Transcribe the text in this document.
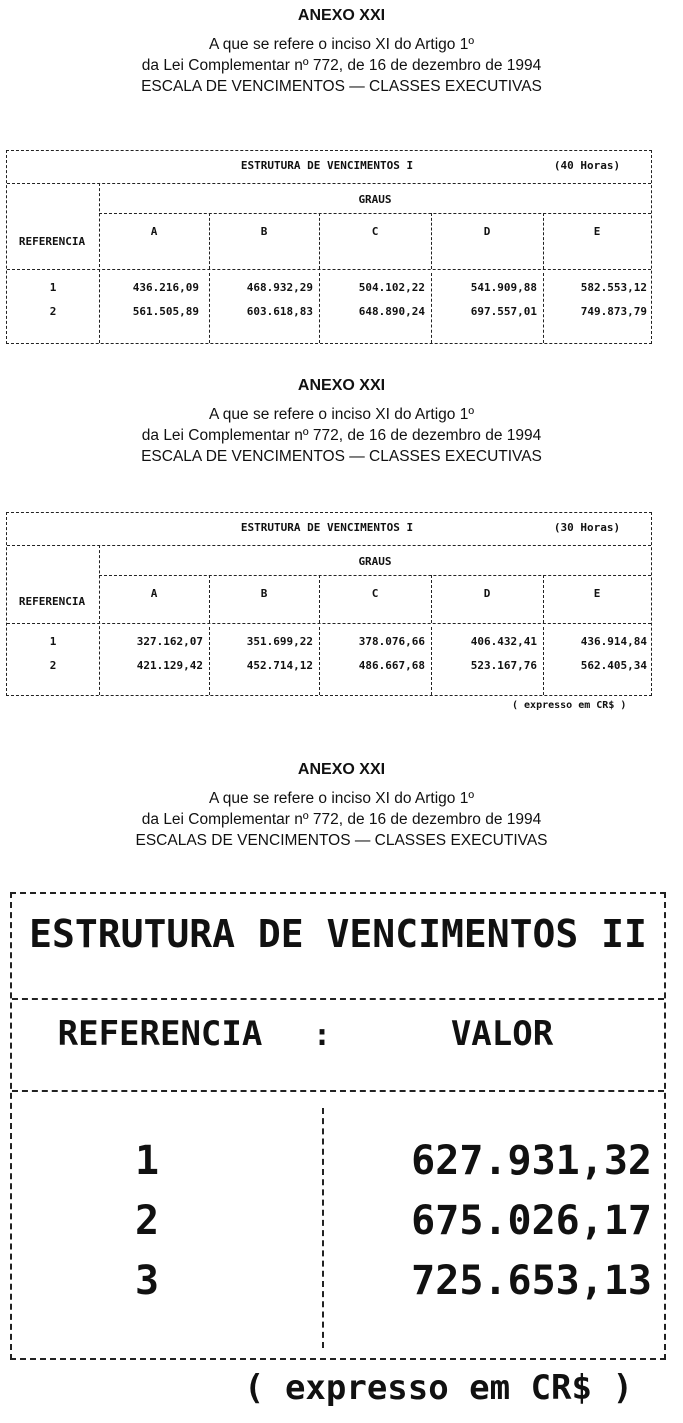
ANEXO XXI
A que se refere o inciso XI do Artigo 1º
da Lei Complementar nº 772, de 16 de dezembro de 1994
ESCALA DE VENCIMENTOS — CLASSES EXECUTIVAS
ESTRUTURA DE VENCIMENTOS I	(40 Horas)
GRAUS
REFERENCIA
A	B	C	D	E
1	436.216,09	468.932,29	504.102,22	541.909,88	582.553,12
2	561.505,89	603.618,83	648.890,24	697.557,01	749.873,79
ANEXO XXI
A que se refere o inciso XI do Artigo 1º
da Lei Complementar nº 772, de 16 de dezembro de 1994
ESCALA DE VENCIMENTOS — CLASSES EXECUTIVAS
ESTRUTURA DE VENCIMENTOS I	(30 Horas)
GRAUS
REFERENCIA
A	B	C	D	E
1	327.162,07	351.699,22	378.076,66	406.432,41	436.914,84
2	421.129,42	452.714,12	486.667,68	523.167,76	562.405,34
( expresso em CR$ )
ANEXO XXI
A que se refere o inciso XI do Artigo 1º
da Lei Complementar nº 772, de 16 de dezembro de 1994
ESCALAS DE VENCIMENTOS — CLASSES EXECUTIVAS
ESTRUTURA DE VENCIMENTOS II
REFERENCIA	:	VALOR
1	627.931,32
2	675.026,17
3	725.653,13
( expresso em CR$ )
